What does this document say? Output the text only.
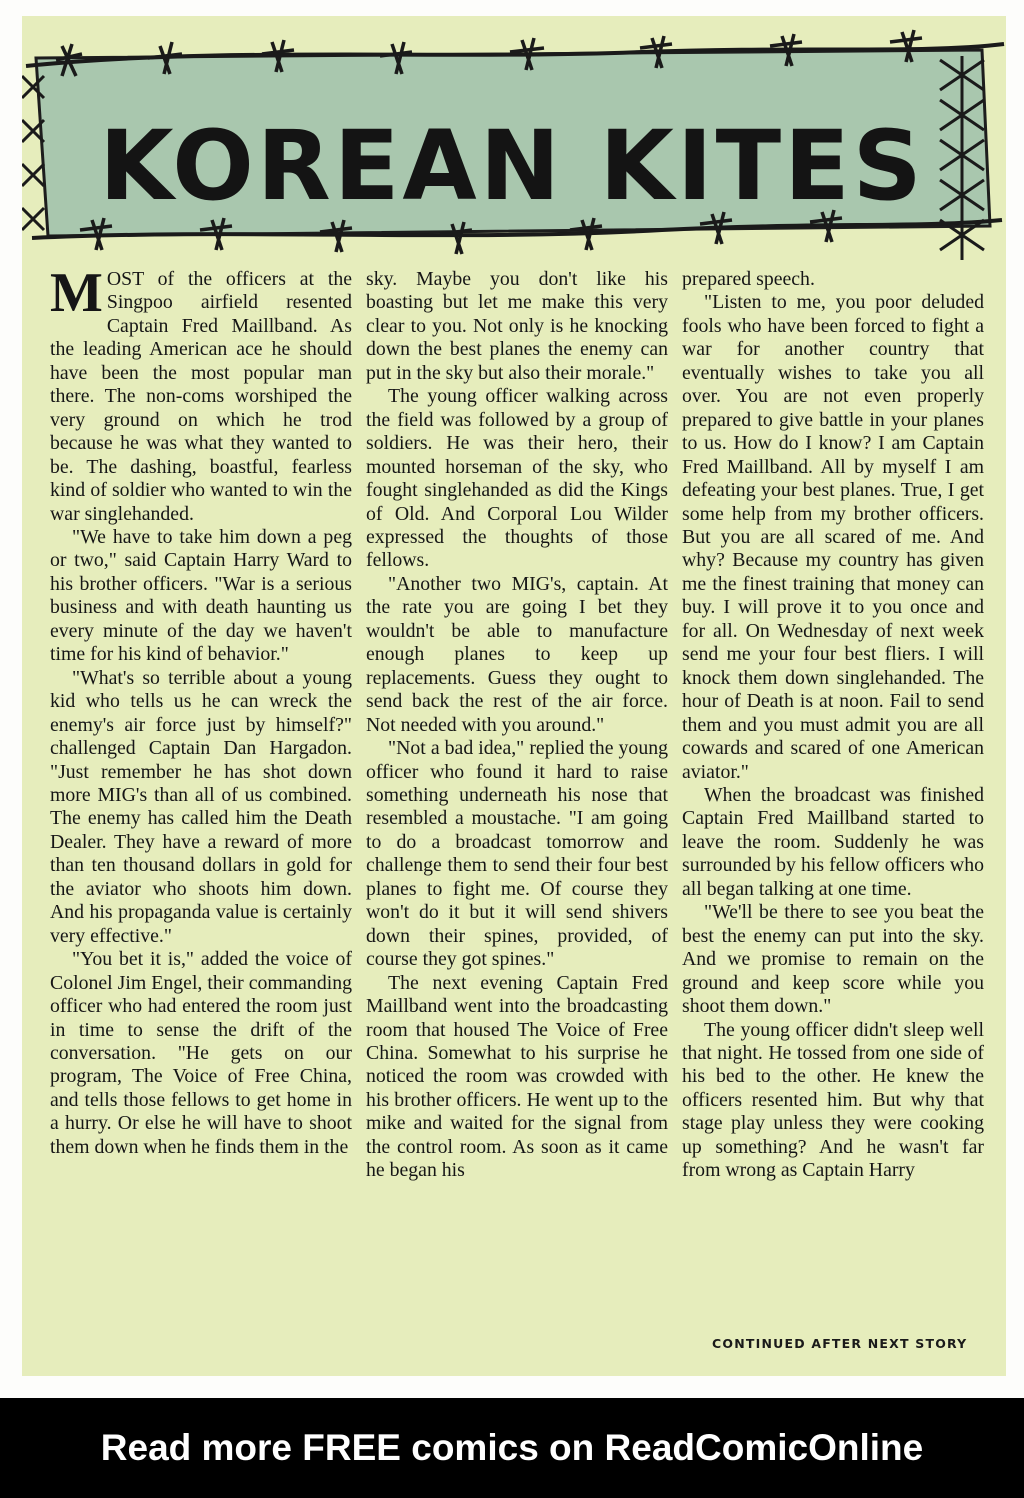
KOREAN KITES

MOST of the officers at the Singpoo airfield resented Captain Fred Maillband. As the leading American ace he should have been the most popular man there. The non-coms worshiped the very ground on which he trod because he was what they wanted to be. The dashing, boastful, fearless kind of soldier who wanted to win the war singlehanded.

"We have to take him down a peg or two," said Captain Harry Ward to his brother officers. "War is a serious business and with death haunting us every minute of the day we haven't time for his kind of behavior."

"What's so terrible about a young kid who tells us he can wreck the enemy's air force just by himself?" challenged Captain Dan Hargadon. "Just remember he has shot down more MIG's than all of us combined. The enemy has called him the Death Dealer. They have a reward of more than ten thousand dollars in gold for the aviator who shoots him down. And his propaganda value is certainly very effective."

"You bet it is," added the voice of Colonel Jim Engel, their commanding officer who had entered the room just in time to sense the drift of the conversation. "He gets on our program, The Voice of Free China, and tells those fellows to get home in a hurry. Or else he will have to shoot them down when he finds them in the

sky. Maybe you don't like his boasting but let me make this very clear to you. Not only is he knocking down the best planes the enemy can put in the sky but also their morale."

The young officer walking across the field was followed by a group of soldiers. He was their hero, their mounted horseman of the sky, who fought singlehanded as did the Kings of Old. And Corporal Lou Wilder expressed the thoughts of those fellows.

"Another two MIG's, captain. At the rate you are going I bet they wouldn't be able to manufacture enough planes to keep up replacements. Guess they ought to send back the rest of the air force. Not needed with you around."

"Not a bad idea," replied the young officer who found it hard to raise something underneath his nose that resembled a moustache. "I am going to do a broadcast tomorrow and challenge them to send their four best planes to fight me. Of course they won't do it but it will send shivers down their spines, provided, of course they got spines."

The next evening Captain Fred Maillband went into the broadcasting room that housed The Voice of Free China. Somewhat to his surprise he noticed the room was crowded with his brother officers. He went up to the mike and waited for the signal from the control room. As soon as it came he began his

prepared speech.

"Listen to me, you poor deluded fools who have been forced to fight a war for another country that eventually wishes to take you all over. You are not even properly prepared to give battle in your planes to us. How do I know? I am Captain Fred Maillband. All by myself I am defeating your best planes. True, I get some help from my brother officers. But you are all scared of me. And why? Because my country has given me the finest training that money can buy. I will prove it to you once and for all. On Wednesday of next week send me your four best fliers. I will knock them down singlehanded. The hour of Death is at noon. Fail to send them and you must admit you are all cowards and scared of one American aviator."

When the broadcast was finished Captain Fred Maillband started to leave the room. Suddenly he was surrounded by his fellow officers who all began talking at one time.

"We'll be there to see you beat the best the enemy can put into the sky. And we promise to remain on the ground and keep score while you shoot them down."

The young officer didn't sleep well that night. He tossed from one side of his bed to the other. He knew the officers resented him. But why that stage play unless they were cooking up something? And he wasn't far from wrong as Captain Harry

CONTINUED AFTER NEXT STORY

Read more FREE comics on ReadComicOnline
